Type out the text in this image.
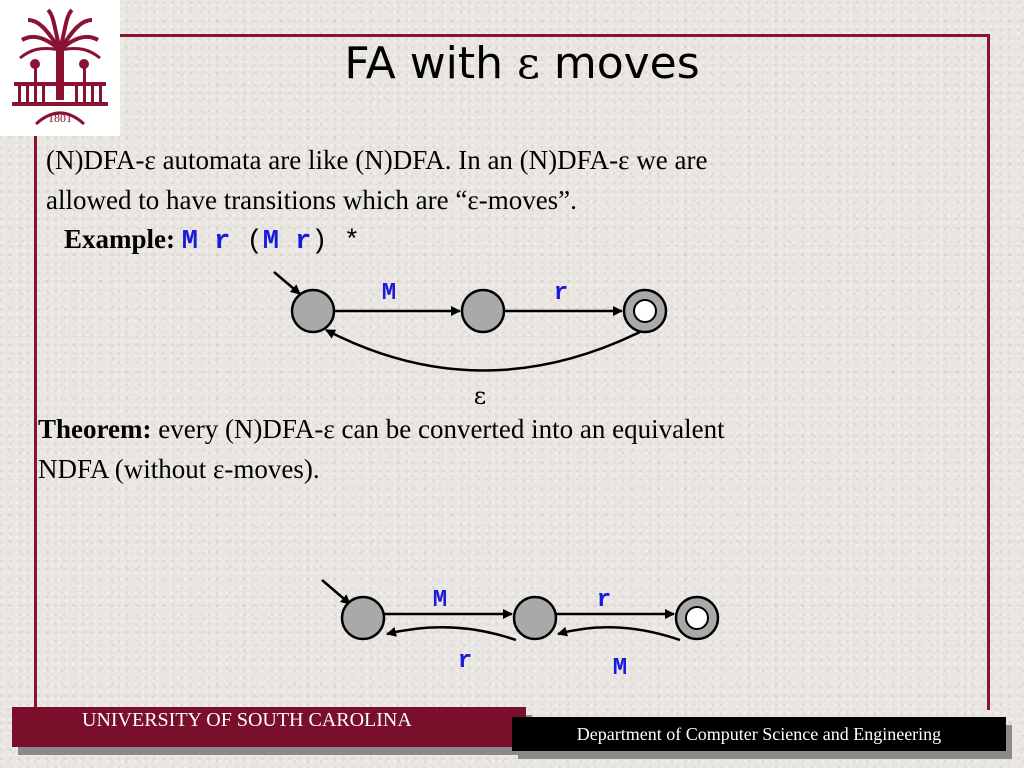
1801
FA with ε moves
(N)DFA-ε automata are like (N)DFA. In an (N)DFA-ε we are
allowed to have transitions which are “ε-moves”.
Example: M r (M r) *
Theorem: every (N)DFA-ε can be converted into an equivalent
NDFA (without ε-moves).
M	r
ε
M	r
r	M
UNIVERSITY OF SOUTH CAROLINA
Department of Computer Science and Engineering
